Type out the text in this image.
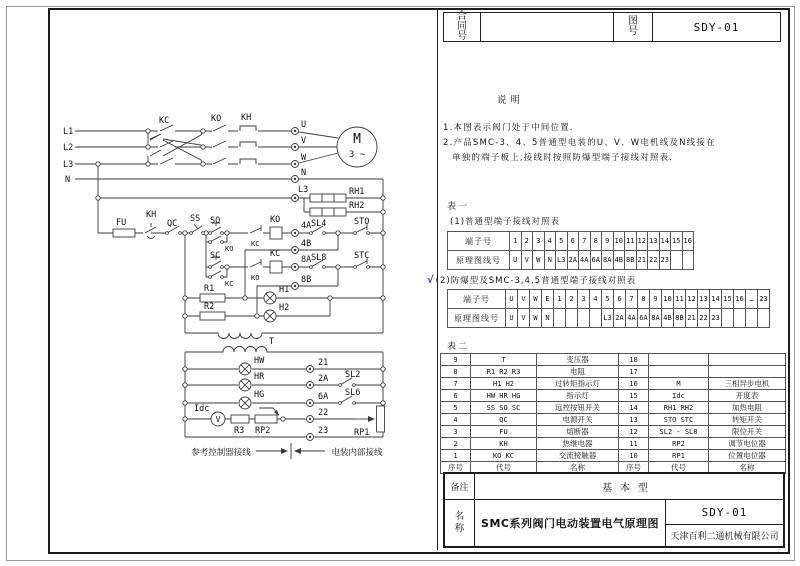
合
同
号
图
号	SDY-01
说明
1.本图表示阀门处于中间位置.
2.产品SMC-3、4、5普通型电装的U、V、W电机线及N线接在
单独的端子板上,接线时按照防爆型端子接线对照表.
表一
(1)普通型端子接线对照表
端子号	1	2	3	4	5	6	7	8	9	10	11	12	13	14	15	16
原理图线号	U	V	W	N	L3	2A	4A	6A	8A	4B	8B	21	22	23		
√(2)防爆型及SMC-3,4,5普通型端子接线对照表
端子号	U	V	W	E	1	2	3	4	5	6	7	8	9	10	11	12	13	14	15	16	…	23
原理图线号	U	V	W	N					L3	2A	4A	6A	8A	4B	8B	21	22	23				
表二
9	T	变压器	18		
8	R1 R2 R3	电阻	17		
7	H1 H2	过转矩指示灯	16	M	三相异步电机
6	HW HR HG	指示灯	15	Idc	开度表
5	SS SO SC	远控按钮开关	14	RH1 RH2	加热电阻
4	QC	电源开关	13	STO STC	转矩开关
3	FU	熔断器	12	SL2 - SL8	限位开关
2	KH	热继电器	11	RP2	调节电位器
1	KO KC	交流接触器	10	RP1	位置电位器
序号	代号	名称	序号	代号	名称
备注	基本型
名
称	SMC系列阀门电动装置电气原理图
SDY-01
天津百利二通机械有限公司
L1
L2
L3
N
KC	KO KH
U
V
W
N
L3
M
3 ~
RH1
RH2
FU
KH
QC SS SO
KO
SC
KC
KC
KO
KO
KC
4A
4B
8A
8B
SL4
SL8
STO
STC
R1
R2
H1
H2
T
HW
HR
HG
21
2A
6A
22
23
SL2
SL6
Idc
V
R3 RP2	RP1
参考控制器接线	电装内部接线
